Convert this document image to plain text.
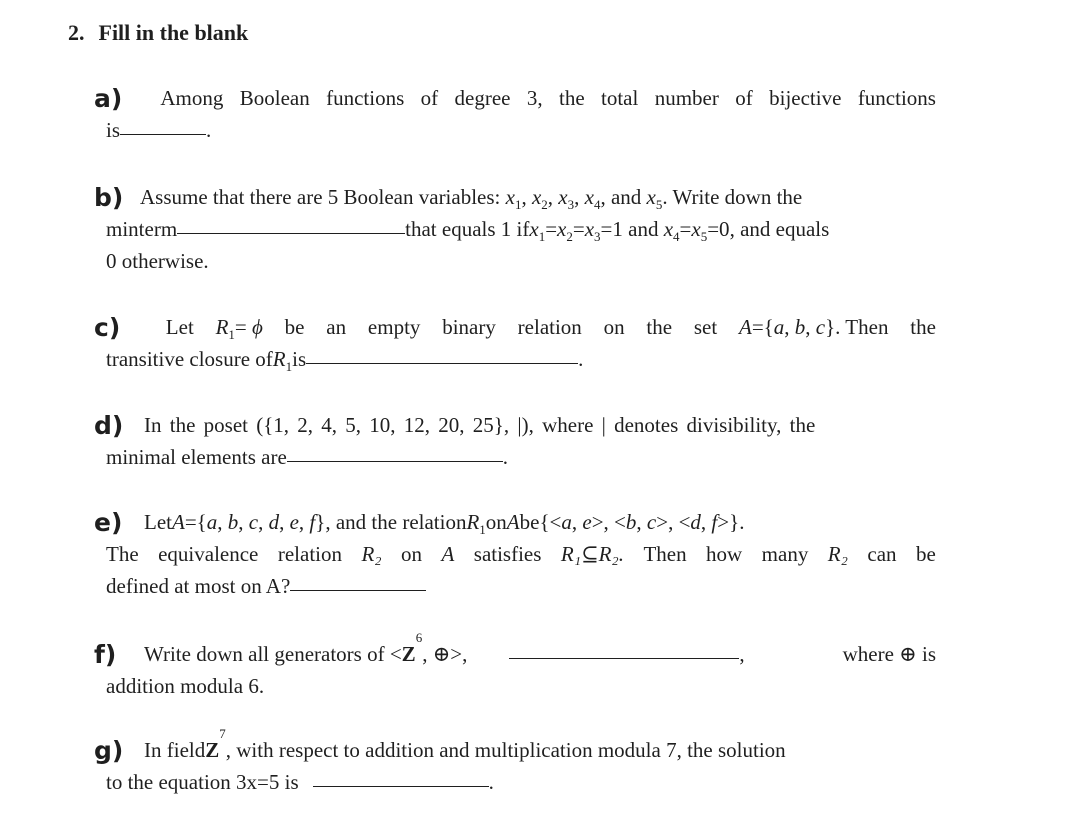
2. Fill in the blank
a) Among Boolean functions of degree 3, the total number of bijective functions
is	.
b) Assume that there are 5 Boolean variables: $x_1$, $x_2$, $x_3$, $x_4$, and $x_5$ . Write down the
minterm	that equals 1 if $x_1=x_2=x_3=1$ and $x_4=x_5=0$ , and equals
0 otherwise.
c) Let $R_1= \phi$ be an empty binary relation on the set A={a, b, c}. Then the
transitive closure of $R_1$ is	.
d) In the poset ({1, 2, 4, 5, 10, 12, 20, 25}, |), where | denotes divisibility, the
minimal elements are	.
e) Let A={a, b, c, d, e, f} , and the relation $R_1$ on A be {<a, e>, <b, c>, <d, f>}.
The equivalence relation R₂ on A satisfies R₁⊆R₂. Then how many R₂ can be
defined at most on A?
f) Write down all generators of < Z
6
, ⊕>,	,	where ⊕ is
addition modula 6.
g) In field Z
7
, with respect to addition and multiplication modula 7, the solution
to the equation 3x=5 is	.
